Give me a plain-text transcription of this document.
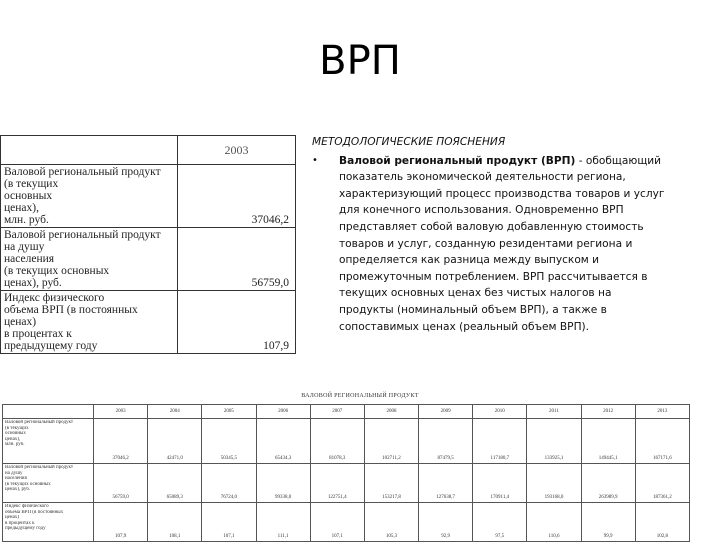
ВРП
	2003

Валовой региональный продукт
(в текущих
основных
ценах),
млн. руб.	37046,2

Валовой региональный продукт
на душу
населения
(в текущих основных
ценах), руб.	56759,0

Индекс физического
объема ВРП (в постоянных
ценах)
в процентах к
предыдущему году	107,9
МЕТОДОЛОГИЧЕСКИЕ ПОЯСНЕНИЯ
•	Валовой региональный продукт (ВРП) - обобщающий
показатель экономической деятельности региона,
характеризующий процесс производства товаров и услуг
для конечного использования. Одновременно ВРП
представляет собой валовую добавленную стоимость
товаров и услуг, созданную резидентами региона и
определяется как разница между выпуском и
промежуточным потреблением. ВРП рассчитывается в
текущих основных ценах без чистых налогов на
продукты (номинальный объем ВРП), а также в
сопоставимых ценах (реальный объем ВРП).
ВАЛОВОЙ РЕГИОНАЛЬНЫЙ ПРОДУКТ
	2003	2004	2005	2006	2007	2008	2009	2010	2011	2012	2013

Валовой региональный продукт
(в текущих
основных
ценах),
млн. руб.	37046,2	42471,0	50345,5	65434,3	81078,3	102711,2	87479,5	117180,7	133925,1	149445,1	167171,6

Валовой региональный продукт
на душу
населения
(в текущих основных
ценах), руб.	56759,0	65089,3	76724,0	99338,0	122751,4	153217,8	127638,7	170911,4	193168,0	263989,9	187361,2

Индекс физического
объема ВРП (в постоянных
ценах)
в процентах к
предыдущему году	107,9	108,1	107,1	111,1	107,1	105,3	92,9	97,5	110,6	99,9	102,8
